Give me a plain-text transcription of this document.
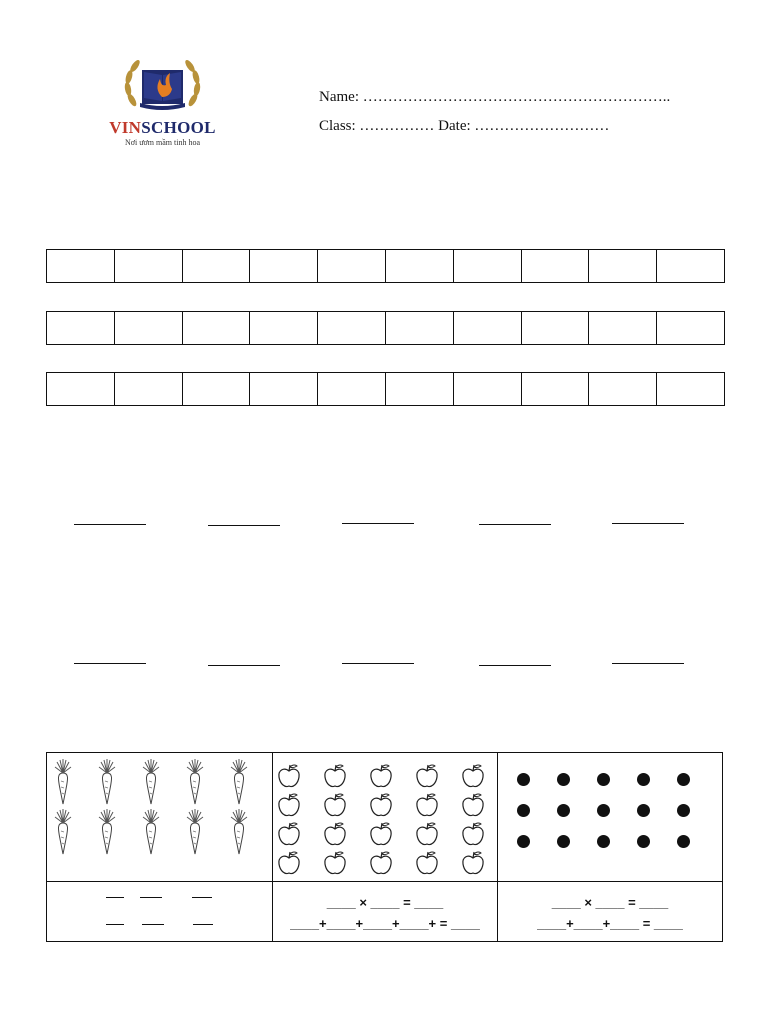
VINSCHOOL
Nơi ươm mầm tinh hoa
Name: ……………………………………………………..
Class: …………… Date: ………………………
____ × ____ = ____
____+____+____+____+ = ____
____ × ____ = ____
____+____+____ = ____
